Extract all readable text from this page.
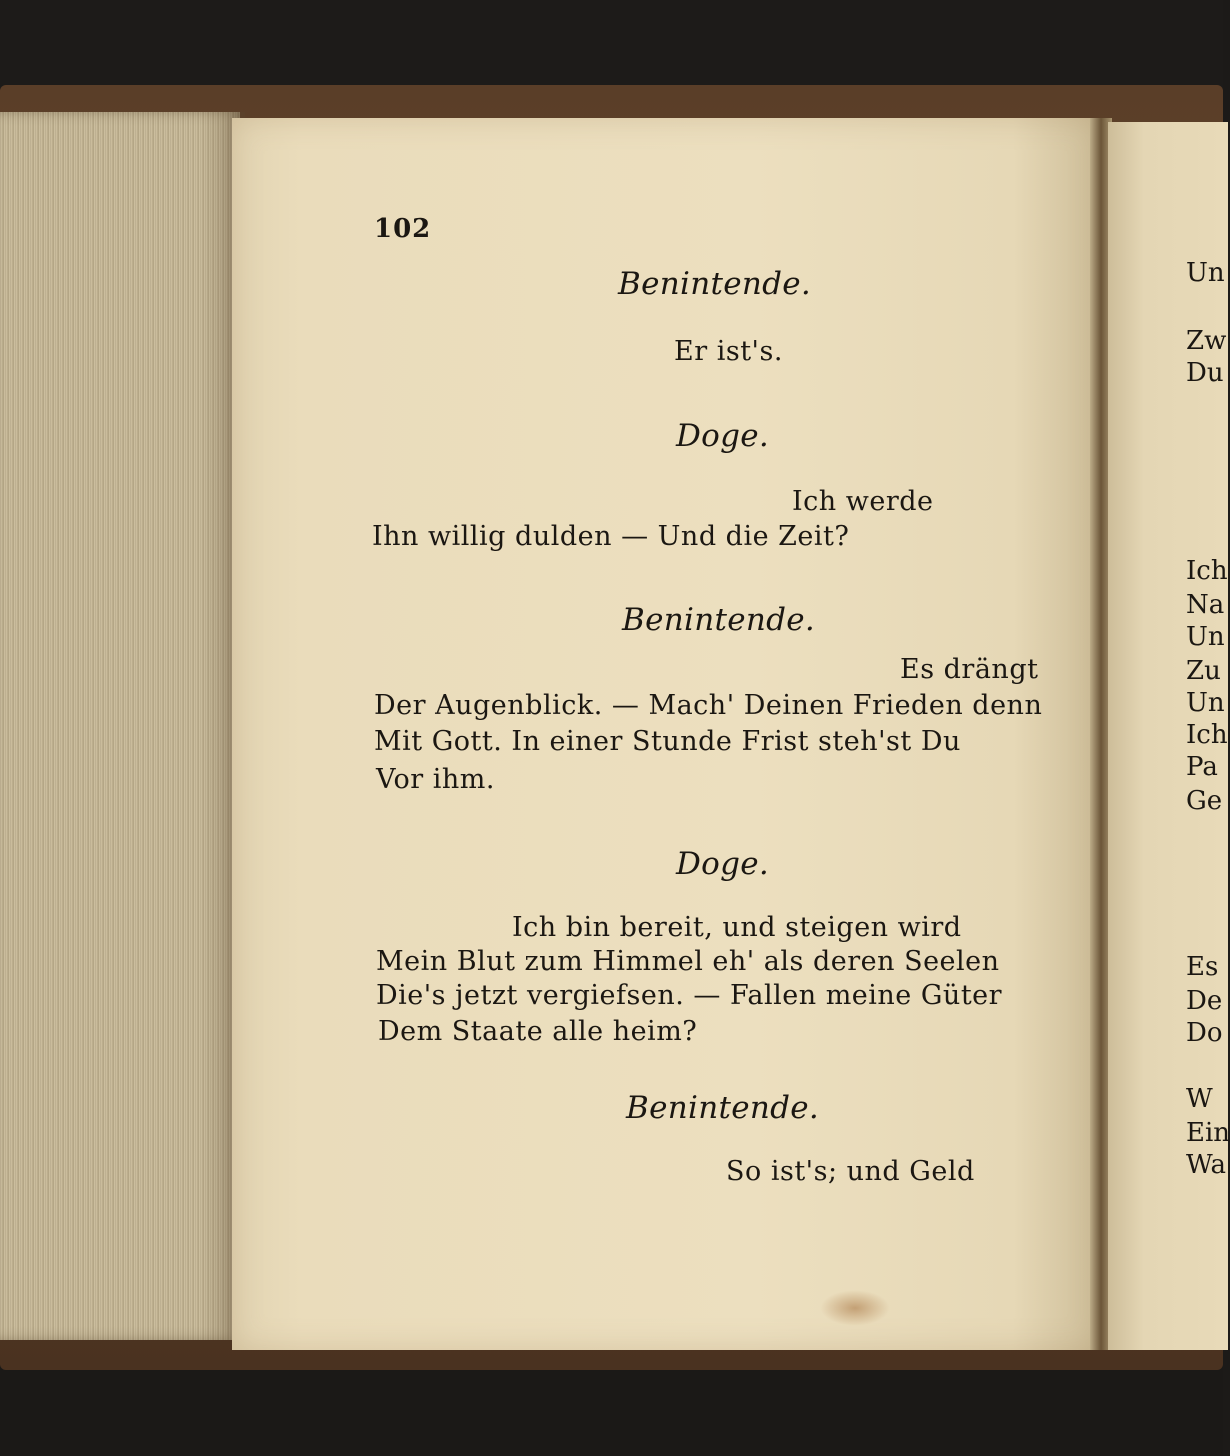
102
Benintende.
Er ist's.
Doge.
Ich werde
Ihn willig dulden — Und die Zeit?
Benintende.
Es drängt
Der Augenblick. — Mach' Deinen Frieden denn
Mit Gott. In einer Stunde Frist steh'st Du
Vor ihm.
Doge.
Ich bin bereit, und steigen wird
Mein Blut zum Himmel eh' als deren Seelen
Die's jetzt vergiefsen. — Fallen meine Güter
Dem Staate alle heim?
Benintende.
So ist's; und Geld
Un
Zw
Du
Ich
Na
Un
Zu
Un
Ich
Pa
Ge
Es
De
Do
W
Ein
Wa
